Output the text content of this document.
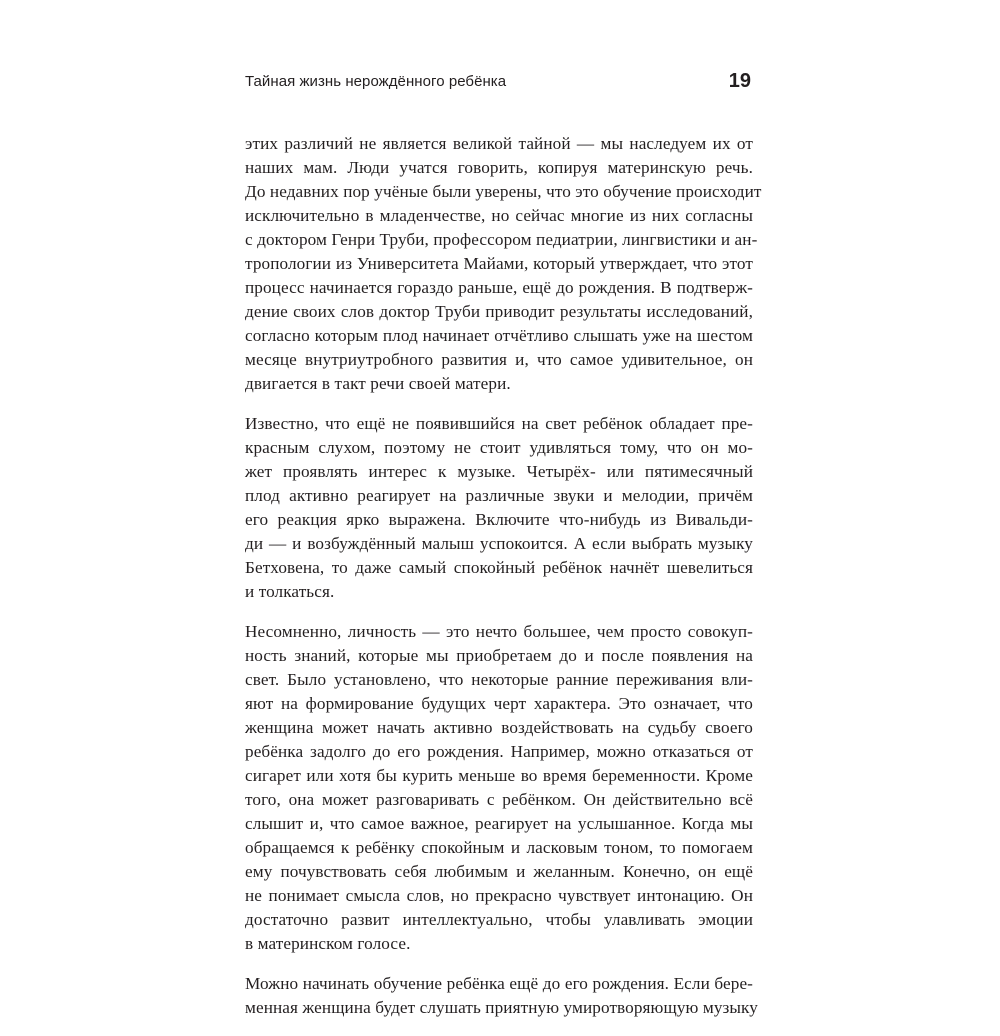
Тайная жизнь нерождённого ребёнка	19

этих различий не является великой тайной — мы наследуем их от
наших мам. Люди учатся говорить, копируя материнскую речь.
До недавних пор учёные были уверены, что это обучение происходит
исключительно в младенчестве, но сейчас многие из них согласны
с доктором Генри Труби, профессором педиатрии, лингвистики и ан-
тропологии из Университета Майами, который утверждает, что этот
процесс начинается гораздо раньше, ещё до рождения. В подтверж-
дение своих слов доктор Труби приводит результаты исследований,
согласно которым плод начинает отчётливо слышать уже на шестом
месяце внутриутробного развития и, что самое удивительное, он
двигается в такт речи своей матери.

Известно, что ещё не появившийся на свет ребёнок обладает пре-
красным слухом, поэтому не стоит удивляться тому, что он мо-
жет проявлять интерес к музыке. Четырёх- или пятимесячный
плод активно реагирует на различные звуки и мелодии, причём
его реакция ярко выражена. Включите что-нибудь из Вивальди-
ди — и возбуждённый малыш успокоится. А если выбрать музыку
Бетховена, то даже самый спокойный ребёнок начнёт шевелиться
и толкаться.

Несомненно, личность — это нечто большее, чем просто совокуп-
ность знаний, которые мы приобретаем до и после появления на
свет. Было установлено, что некоторые ранние переживания вли-
яют на формирование будущих черт характера. Это означает, что
женщина может начать активно воздействовать на судьбу своего
ребёнка задолго до его рождения. Например, можно отказаться от
сигарет или хотя бы курить меньше во время беременности. Кроме
того, она может разговаривать с ребёнком. Он действительно всё
слышит и, что самое важное, реагирует на услышанное. Когда мы
обращаемся к ребёнку спокойным и ласковым тоном, то помогаем
ему почувствовать себя любимым и желанным. Конечно, он ещё
не понимает смысла слов, но прекрасно чувствует интонацию. Он
достаточно развит интеллектуально, чтобы улавливать эмоции
в материнском голосе.

Можно начинать обучение ребёнка ещё до его рождения. Если бере-
менная женщина будет слушать приятную умиротворяющую музыку
